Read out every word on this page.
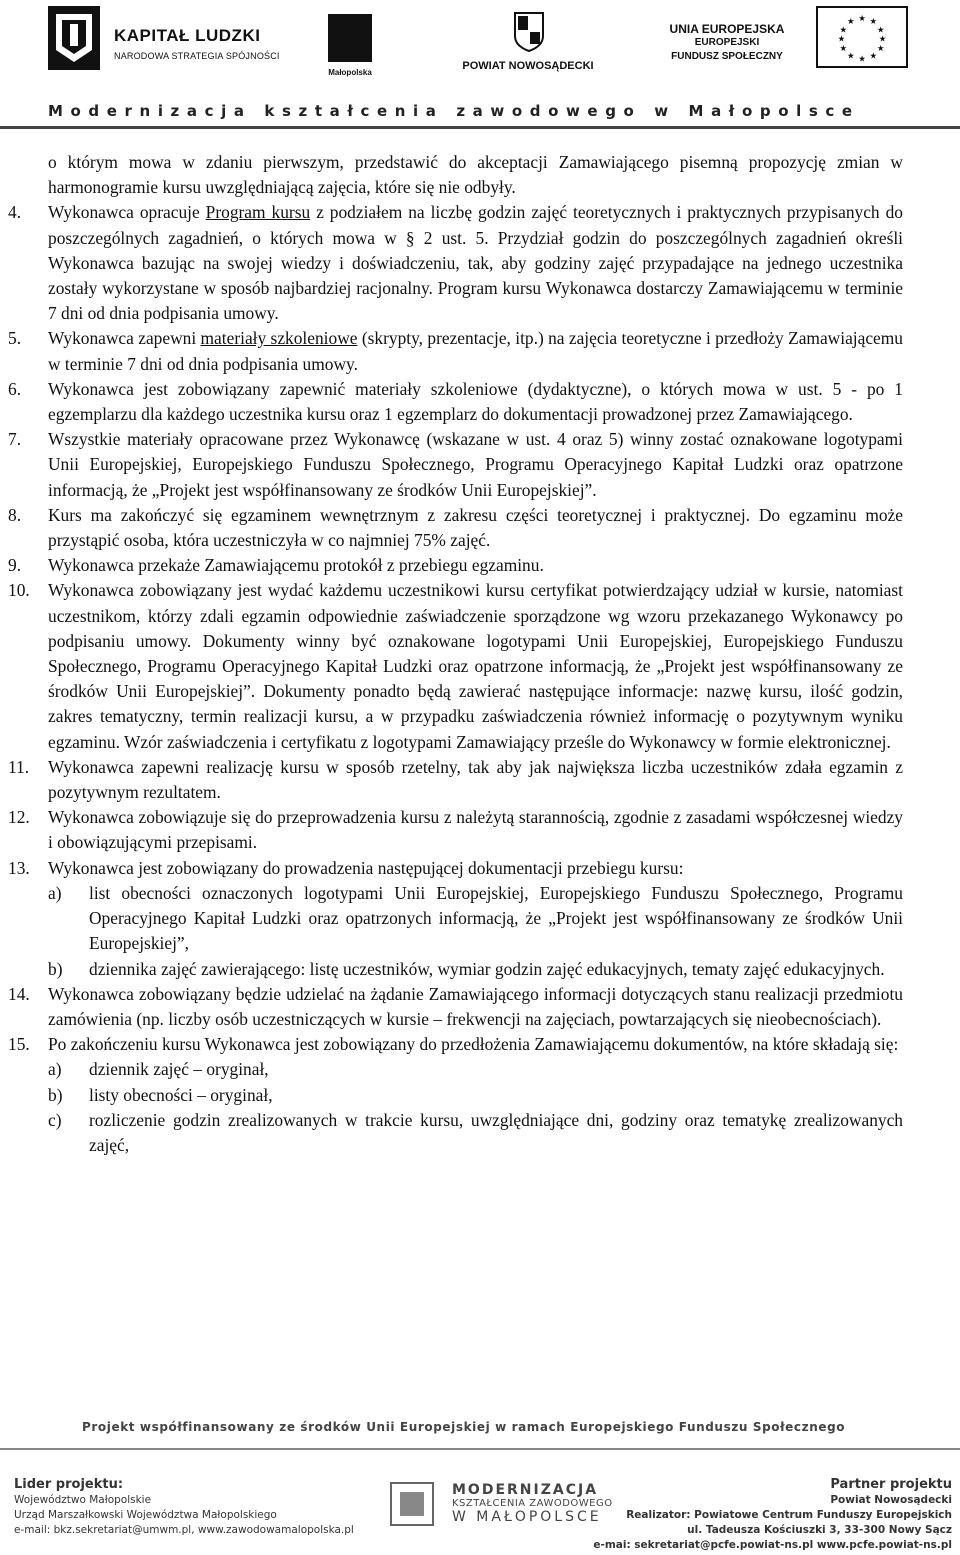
KAPITAŁ LUDZKI
NARODOWA STRATEGIA SPÓJNOŚCI
Małopolska
POWIAT NOWOSĄDECKI
UNIA EUROPEJSKA
EUROPEJSKI
FUNDUSZ SPOŁECZNY
★ ★
★
★
★
★
★
★
★
★
★
★
Modernizacja kształcenia zawodowego w Małopolsce
o którym mowa w zdaniu pierwszym, przedstawić do akceptacji Zamawiającego pisemną propozycję zmian w harmonogramie kursu uwzględniającą zajęcia, które się nie odbyły.
4. Wykonawca opracuje Program kursu z podziałem na liczbę godzin zajęć teoretycznych i praktycznych przypisanych do poszczególnych zagadnień, o których mowa w § 2 ust. 5. Przydział godzin do poszczególnych zagadnień określi Wykonawca bazując na swojej wiedzy i doświadczeniu, tak, aby godziny zajęć przypadające na jednego uczestnika zostały wykorzystane w sposób najbardziej racjonalny. Program kursu Wykonawca dostarczy Zamawiającemu w terminie 7 dni od dnia podpisania umowy.
5. Wykonawca zapewni materiały szkoleniowe (skrypty, prezentacje, itp.) na zajęcia teoretyczne i przedłoży Zamawiającemu w terminie 7 dni od dnia podpisania umowy.
6. Wykonawca jest zobowiązany zapewnić materiały szkoleniowe (dydaktyczne), o których mowa w ust. 5 - po 1 egzemplarzu dla każdego uczestnika kursu oraz 1 egzemplarz do dokumentacji prowadzonej przez Zamawiającego.
7. Wszystkie materiały opracowane przez Wykonawcę (wskazane w ust. 4 oraz 5) winny zostać oznakowane logotypami Unii Europejskiej, Europejskiego Funduszu Społecznego, Programu Operacyjnego Kapitał Ludzki oraz opatrzone informacją, że „Projekt jest współfinansowany ze środków Unii Europejskiej”.
8. Kurs ma zakończyć się egzaminem wewnętrznym z zakresu części teoretycznej i praktycznej. Do egzaminu może przystąpić osoba, która uczestniczyła w co najmniej 75% zajęć.
9. Wykonawca przekaże Zamawiającemu protokół z przebiegu egzaminu.
10. Wykonawca zobowiązany jest wydać każdemu uczestnikowi kursu certyfikat potwierdzający udział w kursie, natomiast uczestnikom, którzy zdali egzamin odpowiednie zaświadczenie sporządzone wg wzoru przekazanego Wykonawcy po podpisaniu umowy. Dokumenty winny być oznakowane logotypami Unii Europejskiej, Europejskiego Funduszu Społecznego, Programu Operacyjnego Kapitał Ludzki oraz opatrzone informacją, że „Projekt jest współfinansowany ze środków Unii Europejskiej”. Dokumenty ponadto będą zawierać następujące informacje: nazwę kursu, ilość godzin, zakres tematyczny, termin realizacji kursu, a w przypadku zaświadczenia również informację o pozytywnym wyniku egzaminu. Wzór zaświadczenia i certyfikatu z logotypami Zamawiający prześle do Wykonawcy w formie elektronicznej.
11. Wykonawca zapewni realizację kursu w sposób rzetelny, tak aby jak największa liczba uczestników zdała egzamin z pozytywnym rezultatem.
12. Wykonawca zobowiązuje się do przeprowadzenia kursu z należytą starannością, zgodnie z zasadami współczesnej wiedzy i obowiązującymi przepisami.
13. Wykonawca jest zobowiązany do prowadzenia następującej dokumentacji przebiegu kursu:
a) list obecności oznaczonych logotypami Unii Europejskiej, Europejskiego Funduszu Społecznego, Programu Operacyjnego Kapitał Ludzki oraz opatrzonych informacją, że „Projekt jest współfinansowany ze środków Unii Europejskiej”,
b) dziennika zajęć zawierającego: listę uczestników, wymiar godzin zajęć edukacyjnych, tematy zajęć edukacyjnych.
14. Wykonawca zobowiązany będzie udzielać na żądanie Zamawiającego informacji dotyczących stanu realizacji przedmiotu zamówienia (np. liczby osób uczestniczących w kursie – frekwencji na zajęciach, powtarzających się nieobecnościach).
15. Po zakończeniu kursu Wykonawca jest zobowiązany do przedłożenia Zamawiającemu dokumentów, na które składają się:
a) dziennik zajęć – oryginał,
b) listy obecności – oryginał,
c) rozliczenie godzin zrealizowanych w trakcie kursu, uwzględniające dni, godziny oraz tematykę zrealizowanych zajęć,
Projekt współfinansowany ze środków Unii Europejskiej w ramach Europejskiego Funduszu Społecznego
Lider projektu:
Województwo Małopolskie
Urząd Marszałkowski Województwa Małopolskiego
e-mail: bkz.sekretariat@umwm.pl, www.zawodowamalopolska.pl
MODERNIZACJA
KSZTAŁCENIA ZAWODOWEGO
W MAŁOPOLSCE
Partner projektu
Powiat Nowosądecki
Realizator: Powiatowe Centrum Funduszy Europejskich
ul. Tadeusza Kościuszki 3, 33-300 Nowy Sącz
e-mai: sekretariat@pcfe.powiat-ns.pl www.pcfe.powiat-ns.pl
